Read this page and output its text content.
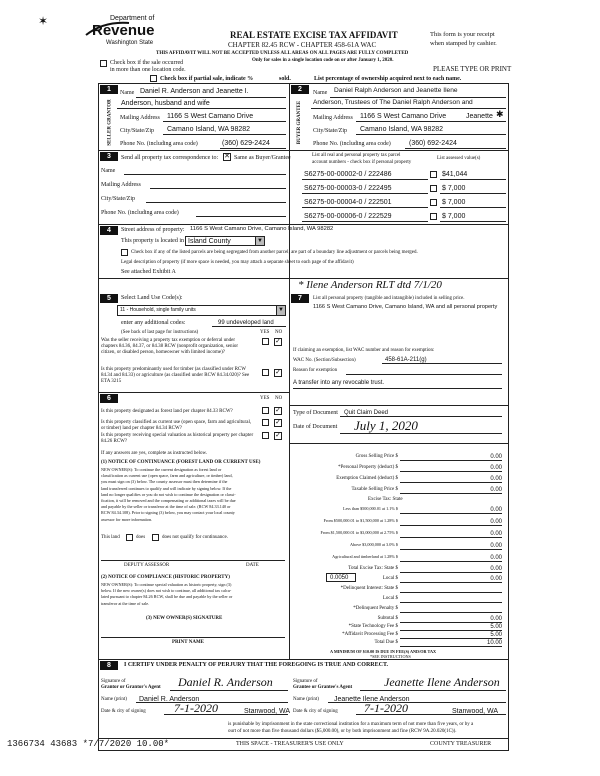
Department of
Revenue
Washington State
✶
REAL ESTATE EXCISE TAX AFFIDAVIT
CHAPTER 82.45 RCW - CHAPTER 458-61A WAC
THIS AFFIDAVIT WILL NOT BE ACCEPTED UNLESS ALL AREAS ON ALL PAGES ARE FULLY COMPLETED
Only for sales in a single location code on or after January 1, 2020.
This form is your receipt
when stamped by cashier.
PLEASE TYPE OR PRINT
Check box if the sale occurred
in more than one location code.
Check box if partial sale, indicate %	sold.	List percentage of ownership acquired next to each name.
1
SELLER GRANTOR
Name Daniel R. Anderson and Jeanette I.
Anderson, husband and wife
Mailing Address 1166 S West Camano Drive
City/State/Zip Camano Island, WA 98282
Phone No. (including area code)	(360) 629-2424
2
BUYER GRANTEE
Name Daniel Ralph Anderson and Jeanette Ilene
Anderson, Trustees of The Daniel Ralph Anderson and
Mailing Address 1166 S West Camano Drive	Jeanette ✱
City/State/Zip Camano Island, WA 98282
Phone No. (including area code)	(360) 692-2424
3	Send all property tax correspondence to: ✕ Same as Buyer/Grantee
Name
Mailing Address
City/State/Zip
Phone No. (including area code)
List all real and personal property tax parcel
account numbers - check box if personal property
List assessed value(s)
S6275-00-00002-0 / 222486	$41,044
S6275-00-00003-0 / 222495	$ 7,000
S6275-00-00004-0 / 222501	$ 7,000
S6275-00-00006-0 / 222529	$ 7,000
4	Street address of property: 1166 S West Camano Drive, Camano Island, WA 98282
This property is located in Island County	▼
Check box if any of the listed parcels are being segregated from another parcel, are part of a boundary line adjustment or parcels being merged.
Legal description of property (if more space is needed, you may attach a separate sheet to each page of the affidavit)
See attached Exhibit A
* Ilene Anderson RLT dtd 7/1/20
5	Select Land Use Code(s):
11 - Household, single family units	▼
enter any additional codes:	99 undeveloped land
(See back of last page for instructions)	YES NO
Was the seller receiving a property tax exemption or deferral under chapters 84.36, 84.37, or 84.38 RCW (nonprofit organization, senior citizen, or disabled person, homeowner with limited income)?
✓
Is this property predominantly used for timber (as classified under RCW 84.34 and 84.33) or agriculture (as classified under RCW 84.34.020)? See ETA 3215
✓
6	YES NO
Is this property designated as forest land per chapter 84.33 RCW?	✓
Is this property classified as current use (open space, farm and agricultural, or timber) land per chapter 84.34 RCW?
✓
Is this property receiving special valuation as historical property per chapter 84.26 RCW?
✓
If any answers are yes, complete as instructed below.
(1) NOTICE OF CONTINUANCE (FOREST LAND OR CURRENT USE)
NEW OWNER(S): To continue the current designation as forest land or
classification as current use (open space, farm and agriculture, or timber) land,
you must sign on (3) below. The county assessor must then determine if the
land transferred continues to qualify and will indicate by signing below. If the
land no longer qualifies or you do not wish to continue the designation or classi-
fication, it will be removed and the compensating or additional taxes will be due
and payable by the seller or transferor at the time of sale. (RCW 84.33.140 or
RCW 84.34.108). Prior to signing (3) below, you may contact your local county
assessor for more information.
This land	does	does not qualify for continuance.
DEPUTY ASSESSOR	DATE
(2) NOTICE OF COMPLIANCE (HISTORIC PROPERTY)
NEW OWNER(S): To continue special valuation as historic property, sign (3)
below. If the new owner(s) does not wish to continue, all additional tax calcu-
lated pursuant to chapter 84.26 RCW, shall be due and payable by the seller or
transferor at the time of sale.
(3) NEW OWNER(S) SIGNATURE
PRINT NAME
7	List all personal property (tangible and intangible) included in selling price.
1166 S West Camano Drive, Camano Island, WA and all personal property
If claiming an exemption, list WAC number and reason for exemption:
WAC No. (Section/Subsection)	458-61A-211(g)
Reason for exemption
A transfer into any revocable trust.
Type of Document Quit Claim Deed
Date of Document July 1, 2020
Gross Selling Price $	0.00
*Personal Property (deduct) $	0.00
Exemption Claimed (deduct) $	0.00
Taxable Selling Price $	0.00
Excise Tax: State
Less than $500,000.01 at 1.1% $	0.00
From $500,000.01 to $1,500,000 at 1.28% $	0.00
From $1,500,000.01 to $3,000,000 at 2.75% $	0.00
Above $3,000,000 at 3.0% $	0.00
Agricultural and timberland at 1.28% $	0.00
Total Excise Tax: State $	0.00
0.0050	Local $	0.00
*Delinquent Interest: State $
Local $
*Delinquent Penalty $
Subtotal $	0.00
*State Technology Fee $	5.00
*Affidavit Processing Fee $	5.00
Total Due $	10.00
A MINIMUM OF $10.00 IS DUE IN FEE(S) AND/OR TAX
*SEE INSTRUCTIONS
8	I CERTIFY UNDER PENALTY OF PERJURY THAT THE FOREGOING IS TRUE AND CORRECT.
Signature of
Grantor or Grantor's Agent Daniel R. Anderson	Signature of
Grantee or Grantee's Agent	Jeanette Ilene Anderson
Name (print) Daniel R. Anderson	Name (print) Jeanette Ilene Anderson
Date & city of signing 7-1-2020	Stanwood, WA Date & city of signing 7-1-2020	Stanwood, WA
is punishable by imprisonment in the state correctional institution for a maximum term of not more than five years, or by a
ourt of not more than five thousand dollars ($5,000.00), or by both imprisonment and fine (RCW 9A.20.020(1C)).
THIS SPACE - TREASURER'S USE ONLY	COUNTY TREASURER
1366734 43683 *7/7/2020 10.00*
